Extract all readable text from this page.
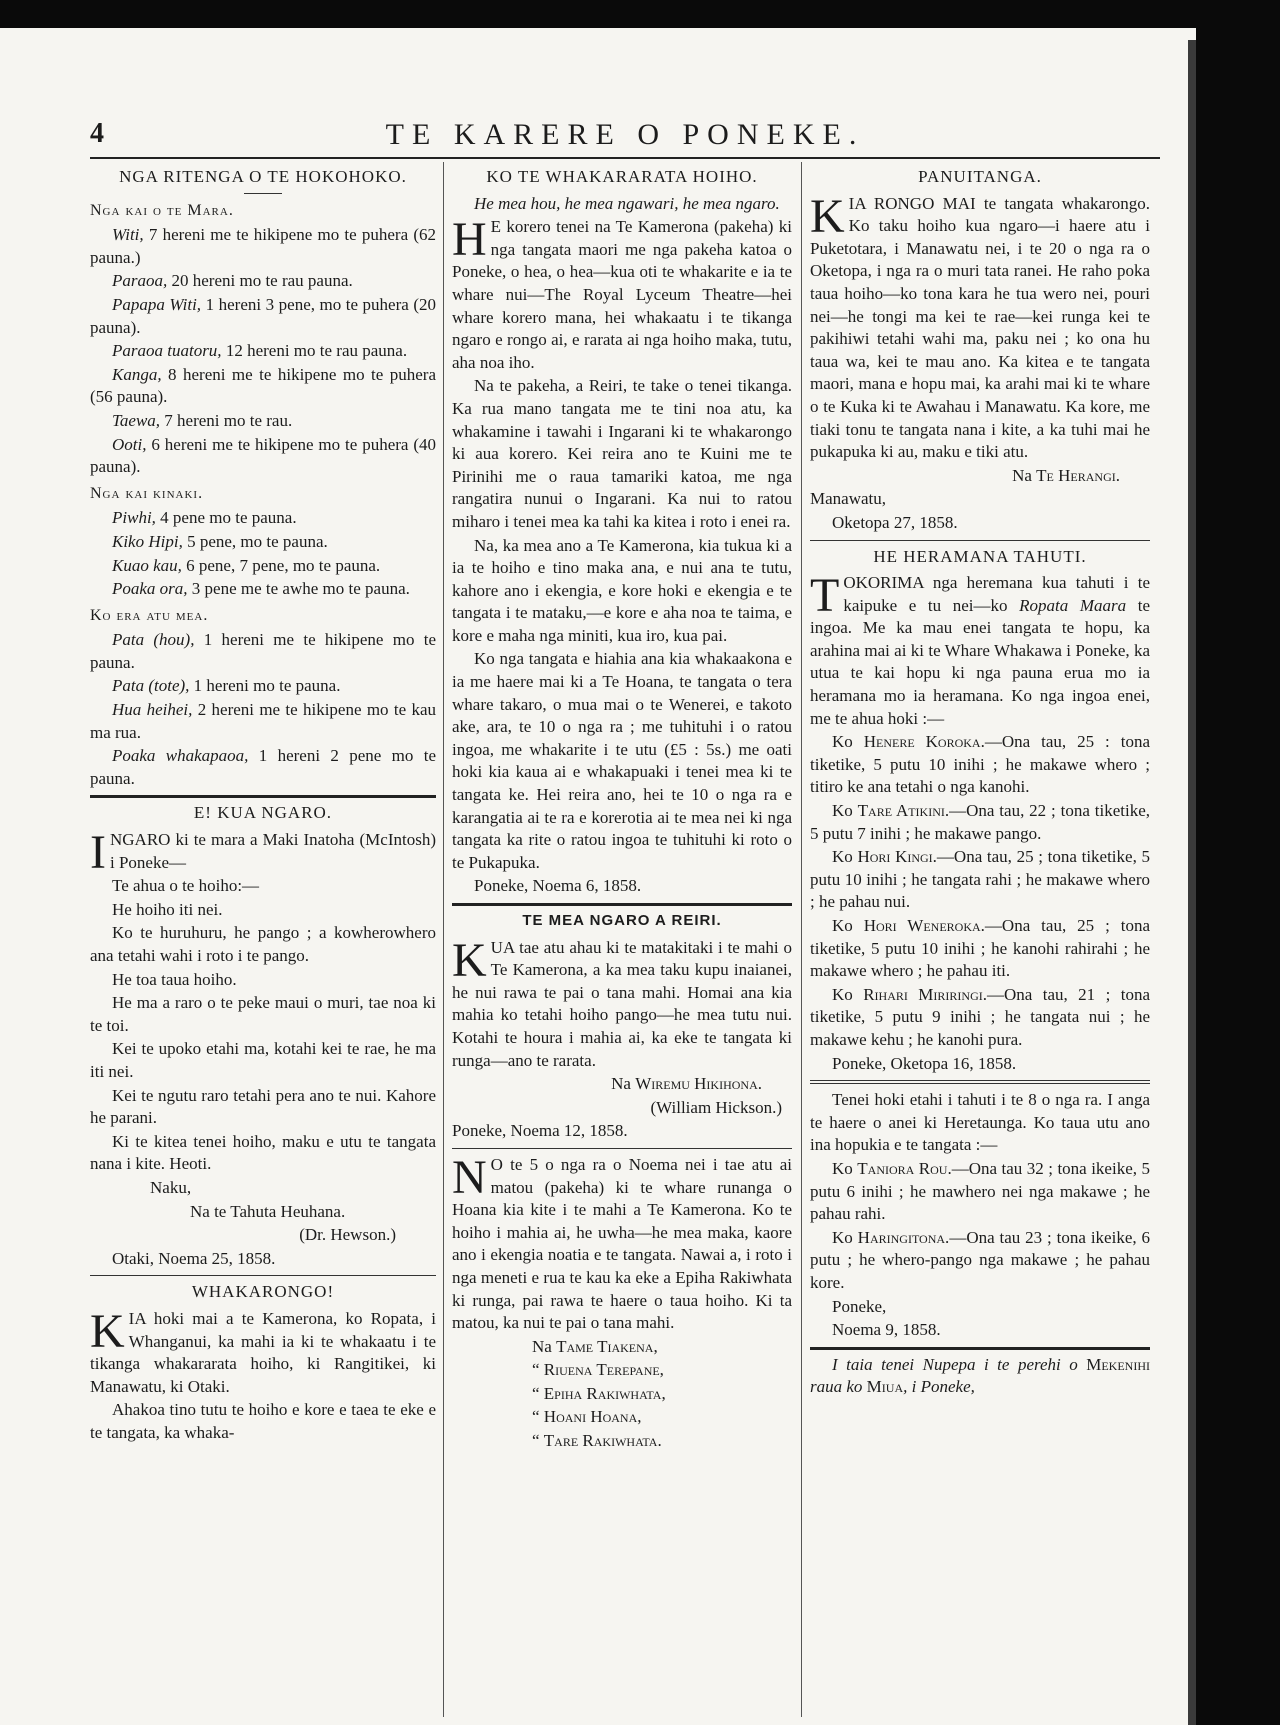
4	TE KARERE O PONEKE.
NGA RITENGA O TE HOKOHOKO.
Nga kai o te Mara.

Witi, 7 hereni me te hikipene mo te puhera (62 pauna.)

Paraoa, 20 hereni mo te rau pauna.

Papapa Witi, 1 hereni 3 pene, mo te puhera (20 pauna).

Paraoa tuatoru, 12 hereni mo te rau pauna.

Kanga, 8 hereni me te hikipene mo te puhera (56 pauna).

Taewa, 7 hereni mo te rau.

Ooti, 6 hereni me te hikipene mo te puhera (40 pauna).

Nga kai kinaki.

Piwhi, 4 pene mo te pauna.

Kiko Hipi, 5 pene, mo te pauna.

Kuao kau, 6 pene, 7 pene, mo te pauna.

Poaka ora, 3 pene me te awhe mo te pauna.

Ko era atu mea.

Pata (hou), 1 hereni me te hikipene mo te pauna.

Pata (tote), 1 hereni mo te pauna.

Hua heihei, 2 hereni me te hikipene mo te kau ma rua.

Poaka whakapaoa, 1 hereni 2 pene mo te pauna.

E! KUA NGARO.

INGARO ki te mara a Maki Inatoha (McIntosh) i Poneke—

Te ahua o te hoiho:—

He hoiho iti nei.

Ko te huruhuru, he pango ; a kowherowhero ana tetahi wahi i roto i te pango.

He toa taua hoiho.

He ma a raro o te peke maui o muri, tae noa ki te toi.

Kei te upoko etahi ma, kotahi kei te rae, he ma iti nei.

Kei te ngutu raro tetahi pera ano te nui. Kahore he parani.

Ki te kitea tenei hoiho, maku e utu te tangata nana i kite. Heoti.

Naku,

Na te Tahuta Heuhana.

(Dr. Hewson.)

Otaki, Noema 25, 1858.

WHAKARONGO!

KIA hoki mai a te Kamerona, ko Ropata, i Whanganui, ka mahi ia ki te whakaatu i te tikanga whakararata hoiho, ki Rangitikei, ki Manawatu, ki Otaki.

Ahakoa tino tutu te hoiho e kore e taea te eke e te tangata, ka whaka-

KO TE WHAKARARATA HOIHO.

He mea hou, he mea ngawari, he mea ngaro.

H E korero tenei na Te Kamerona (pakeha) ki nga tangata maori me nga pakeha katoa o Poneke, o hea, o hea—kua oti te whakarite e ia te whare nui—The Royal Lyceum Theatre—hei whare korero mana, hei whakaatu i te tikanga ngaro e rongo ai, e rarata ai nga hoiho maka, tutu, aha noa iho.

Na te pakeha, a Reiri, te take o tenei tikanga. Ka rua mano tangata me te tini noa atu, ka whakamine i tawahi i Ingarani ki te whakarongo ki aua korero. Kei reira ano te Kuini me te Pirinihi me o raua tamariki katoa, me nga rangatira nunui o Ingarani. Ka nui to ratou miharo i tenei mea ka tahi ka kitea i roto i enei ra.

Na, ka mea ano a Te Kamerona, kia tukua ki a ia te hoiho e tino maka ana, e nui ana te tutu, kahore ano i ekengia, e kore hoki e ekengia e te tangata i te mataku,—e kore e aha noa te taima, e kore e maha nga miniti, kua iro, kua pai.

Ko nga tangata e hiahia ana kia whakaakona e ia me haere mai ki a Te Hoana, te tangata o tera whare takaro, o mua mai o te Wenerei, e takoto ake, ara, te 10 o nga ra ; me tuhituhi i o ratou ingoa, me whakarite i te utu (£5 : 5s.) me oati hoki kia kaua ai e whakapuaki i tenei mea ki te tangata ke. Hei reira ano, hei te 10 o nga ra e karangatia ai te ra e korerotia ai te mea nei ki nga tangata ka rite o ratou ingoa te tuhituhi ki roto o te Pukapuka.

Poneke, Noema 6, 1858.

TE MEA NGARO A REIRI.

KUA tae atu ahau ki te matakitaki i te mahi o Te Kamerona, a ka mea taku kupu inaianei, he nui rawa te pai o tana mahi. Homai ana kia mahia ko tetahi hoiho pango—he mea tutu nui. Kotahi te houra i mahia ai, ka eke te tangata ki runga—ano te rarata.

Na Wiremu Hikihona.

(William Hickson.)

Poneke, Noema 12, 1858.

N O te 5 o nga ra o Noema nei i tae atu ai matou (pakeha) ki te whare runanga o Hoana kia kite i te mahi a Te Kamerona. Ko te hoiho i mahia ai, he uwha—he mea maka, kaore ano i ekengia noatia e te tangata. Nawai a, i roto i nga meneti e rua te kau ka eke a Epiha Rakiwhata ki runga, pai rawa te haere o taua hoiho. Ki ta matou, ka nui te pai o tana mahi.

Na Tame Tiakena,

“ Riuena Terepane,

“ Epiha Rakiwhata,

“ Hoani Hoana,

“ Tare Rakiwhata.

PANUITANGA.

KIA RONGO MAI te tangata whakarongo. Ko taku hoiho kua ngaro—i haere atu i Puketotara, i Manawatu nei, i te 20 o nga ra o Oketopa, i nga ra o muri tata ranei. He raho poka taua hoiho—ko tona kara he tua wero nei, pouri nei—he tongi ma kei te rae—kei runga kei te pakihiwi tetahi wahi ma, paku nei ; ko ona hu taua wa, kei te mau ano. Ka kitea e te tangata maori, mana e hopu mai, ka arahi mai ki te whare o te Kuka ki te Awahau i Manawatu. Ka kore, me tiaki tonu te tangata nana i kite, a ka tuhi mai he pukapuka ki au, maku e tiki atu.

Na Te Herangi.

Manawatu,

Oketopa 27, 1858.

HE HERAMANA TAHUTI.

TOKORIMA nga heremana kua tahuti i te kaipuke e tu nei—ko Ropata Maara te ingoa. Me ka mau enei tangata te hopu, ka arahina mai ai ki te Whare Whakawa i Poneke, ka utua te kai hopu ki nga pauna erua mo ia heramana mo ia heramana. Ko nga ingoa enei, me te ahua hoki :—

Ko Henere Koroka.—Ona tau, 25 : tona tiketike, 5 putu 10 inihi ; he makawe whero ; titiro ke ana tetahi o nga kanohi.

Ko Tare Atikini.—Ona tau, 22 ; tona tiketike, 5 putu 7 inihi ; he makawe pango.

Ko Hori Kingi.—Ona tau, 25 ; tona tiketike, 5 putu 10 inihi ; he tangata rahi ; he makawe whero ; he pahau nui.

Ko Hori Weneroka.—Ona tau, 25 ; tona tiketike, 5 putu 10 inihi ; he kanohi rahirahi ; he makawe whero ; he pahau iti.

Ko Rihari Miriringi.—Ona tau, 21 ; tona tiketike, 5 putu 9 inihi ; he tangata nui ; he makawe kehu ; he kanohi pura.

Poneke, Oketopa 16, 1858.

Tenei hoki etahi i tahuti i te 8 o nga ra. I anga te haere o anei ki Heretaunga. Ko taua utu ano ina hopukia e te tangata :—

Ko Taniora Rou.—Ona tau 32 ; tona ikeike, 5 putu 6 inihi ; he mawhero nei nga makawe ; he pahau rahi.

Ko Haringitona.—Ona tau 23 ; tona ikeike, 6 putu ; he whero-pango nga makawe ; he pahau kore.

Poneke,

Noema 9, 1858.

I taia tenei Nupepa i te perehi o Mekenihi raua ko Miua, i Poneke,
